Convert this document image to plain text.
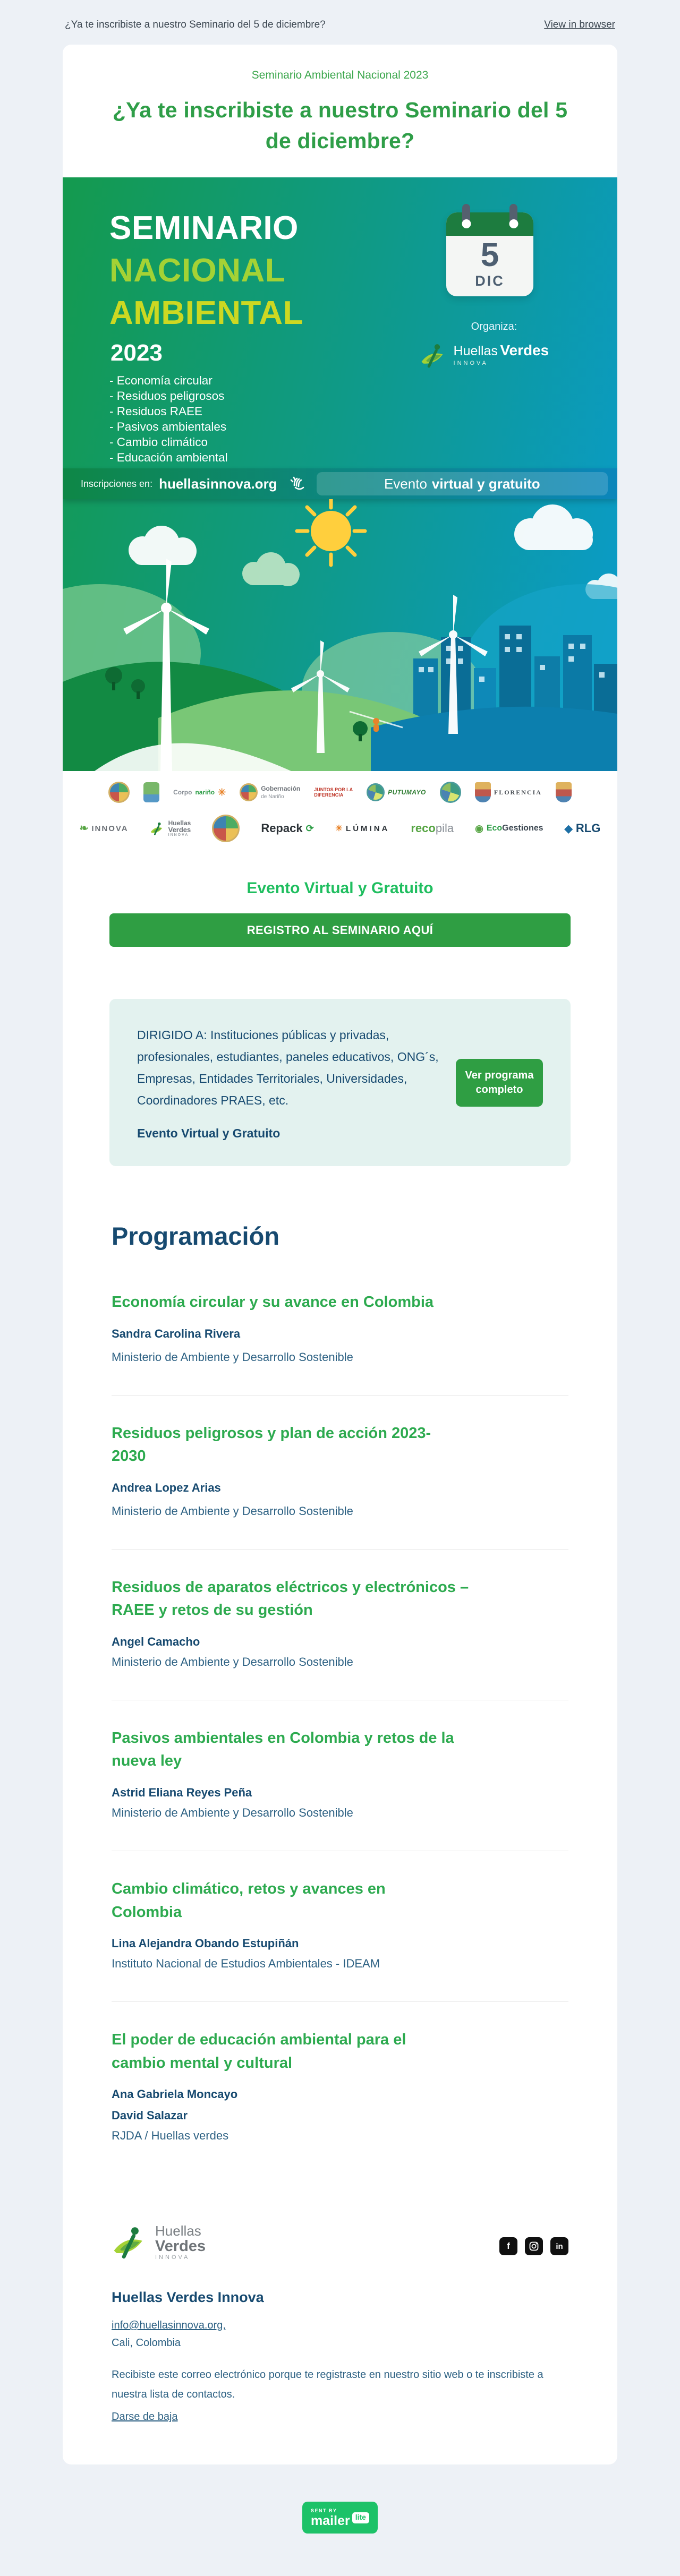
¿Ya te inscribiste a nuestro Seminario del 5 de diciembre?	View in browser
Seminario Ambiental Nacional 2023
¿Ya te inscribiste a nuestro Seminario del 5 de diciembre?
SEMINARIO
NACIONAL
AMBIENTAL
2023
- Economía circular
- Residuos peligrosos
- Residuos RAEE
- Pasivos ambientales
- Cambio climático
- Educación ambiental
5
DIC
Organiza:
Huellas Verdes INNOVA
Inscripciones en: huellasinnova.org	Evento virtual y gratuito
Corpo nariño ✳	Gobernación
de Nariño
JUNTOS POR LA
DIFERENCIA	PUTUMAYO	FLORENCIA
❧ INNOVA
Huellas
Verdes
INNOVA
Repack ⟳	☀ LÚMINA recopila ◉ EcoGestiones ◆ RLG
Evento Virtual y Gratuito
REGISTRO AL SEMINARIO AQUÍ
DIRIGIDO A: Instituciones públicas y privadas, profesionales, estudiantes, paneles educativos, ONG´s, Empresas, Entidades Territoriales, Universidades, Coordinadores PRAES, etc.
Evento Virtual y Gratuito
Ver programa completo
Programación
Economía circular y su avance en Colombia
Sandra Carolina Rivera
Ministerio de Ambiente y Desarrollo Sostenible
Residuos peligrosos y plan de acción 2023- 2030
Andrea Lopez Arias
Ministerio de Ambiente y Desarrollo Sostenible
Residuos de aparatos eléctricos y electrónicos – RAEE y retos de su gestión
Angel Camacho
Ministerio de Ambiente y Desarrollo Sostenible
Pasivos ambientales en Colombia y retos de la nueva ley
Astrid Eliana Reyes Peña
Ministerio de Ambiente y Desarrollo Sostenible
Cambio climático, retos y avances en Colombia
Lina Alejandra Obando Estupiñán
Instituto Nacional de Estudios Ambientales - IDEAM
El poder de educación ambiental para el cambio mental y cultural
Ana Gabriela Moncayo
David Salazar
RJDA / Huellas verdes
Huellas
Verdes
INNOVA
f	in
Huellas Verdes Innova
info@huellasinnova.org,
Cali, Colombia
Recibiste este correo electrónico porque te registraste en nuestro sitio web o te inscribiste a nuestra lista de contactos.
Darse de baja
SENT BY
mailer lite
